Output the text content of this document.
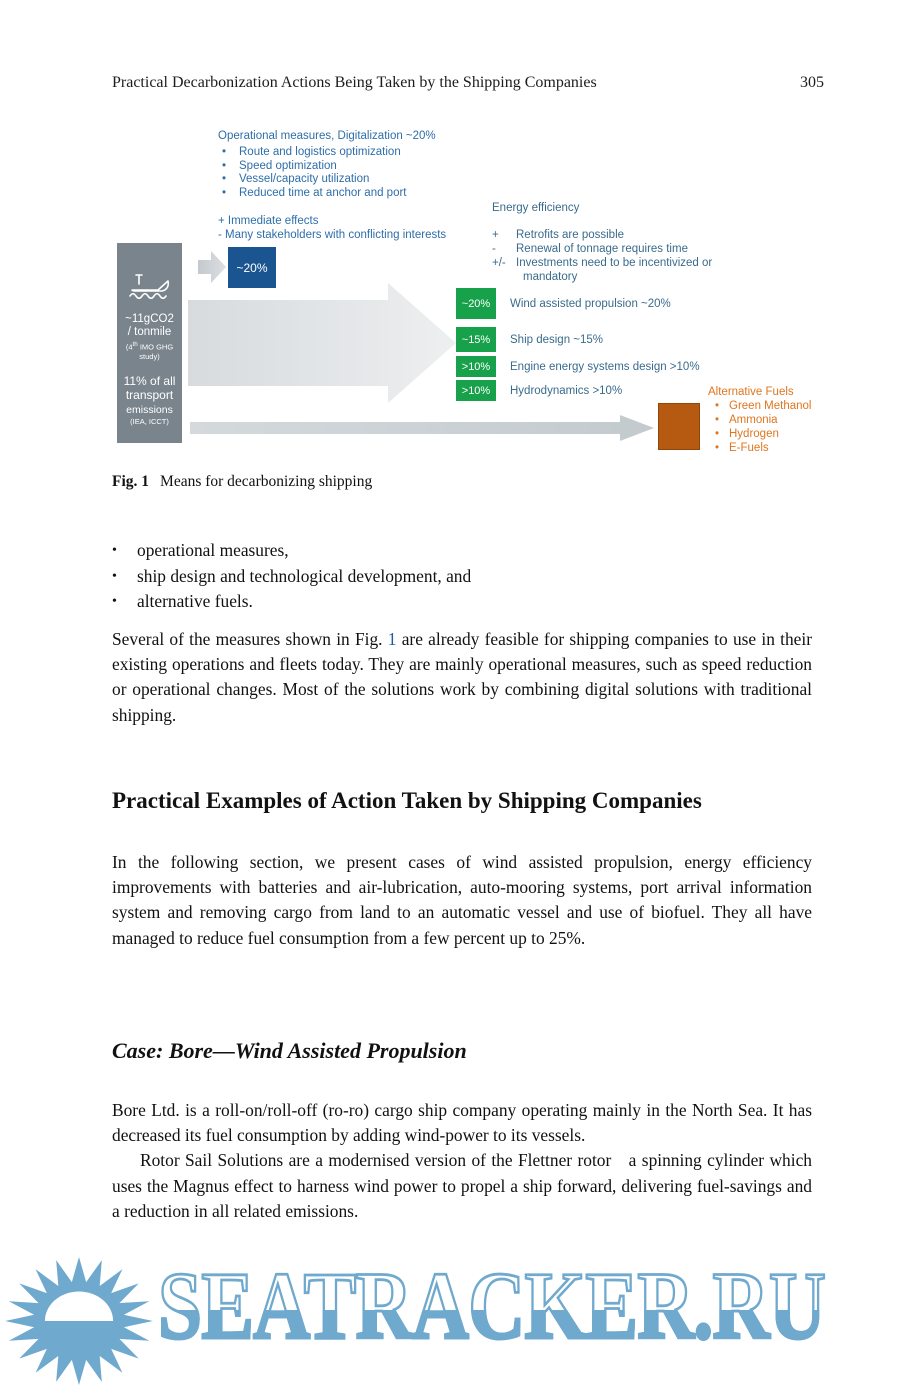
Practical Decarbonization Actions Being Taken by the Shipping Companies	305
Operational measures, Digitalization ~20%
•	Route and logistics optimization
•	Speed optimization
•	Vessel/capacity utilization
•	Reduced time at anchor and port
+ Immediate effects
- Many stakeholders with conflicting interests
~11gCO2
/ tonmile
(4th IMO GHG
study)
11% of all
transport
emissions
(IEA, ICCT)
~20%
Energy efficiency
+	Retrofits are possible
-	Renewal of tonnage requires time
+/- Investments need to be incentivized or
mandatory
~20%	Wind assisted propulsion ~20%
~15%	Ship design ~15%
>10%	Engine energy systems design >10%
>10%	Hydrodynamics >10%	Alternative Fuels
• Green Methanol
• Ammonia
• Hydrogen
• E-Fuels
Fig. 1 Means for decarbonizing shipping
•	operational measures,
•	ship design and technological development, and
•	alternative fuels.

Several of the measures shown in Fig. 1 are already feasible for shipping companies to use in their existing operations and fleets today. They are mainly operational measures, such as speed reduction or operational changes. Most of the solutions work by combining digital solutions with traditional shipping.

Practical Examples of Action Taken by Shipping Companies

In the following section, we present cases of wind assisted propulsion, energy efficiency improvements with batteries and air-lubrication, auto-mooring systems, port arrival information system and removing cargo from land to an automatic vessel and use of biofuel. They all have managed to reduce fuel consumption from a few percent up to 25%.

Case: Bore—Wind Assisted Propulsion

Bore Ltd. is a roll-on/roll-off (ro-ro) cargo ship company operating mainly in the North Sea. It has decreased its fuel consumption by adding wind-power to its vessels.

Rotor Sail Solutions are a modernised version of the Flettner rotor a spinning cylinder which uses the Magnus effect to harness wind power to propel a ship forward, delivering fuel-savings and a reduction in all related emissions.

SEATRACKER.RU
